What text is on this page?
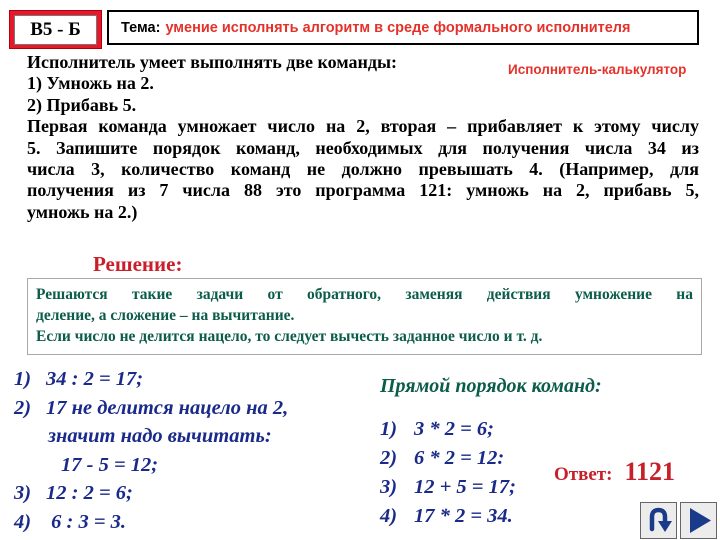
В5 - Б	Тема: умение исполнять алгоритм в среде формального исполнителя
Исполнитель-калькулятор
Исполнитель умеет выполнять две команды:
1) Умножь на 2.
2) Прибавь 5.
Первая команда умножает число на 2, вторая – прибавляет к этому числу
5. Запишите порядок команд, необходимых для получения числа 34 из
числа 3, количество команд не должно превышать 4. (Например, для
получения из 7 числа 88 это программа 121: умножь на 2, прибавь 5,
умножь на 2.)
Решение:
Решаются такие задачи от обратного, заменяя действия умножение на
деление, а сложение – на вычитание.
Если число не делится нацело, то следует вычесть заданное число и т. д.
1) 34 : 2 = 17;
2) 17 не делится нацело на 2,
значит надо вычитать:
17 - 5 = 12;
3) 12 : 2 = 6;
4) 6 : 3 = 3.
Прямой порядок команд:
1) 3 * 2 = 6;
2) 6 * 2 = 12:
3) 12 + 5 = 17;
4) 17 * 2 = 34.
Ответ: 1121
